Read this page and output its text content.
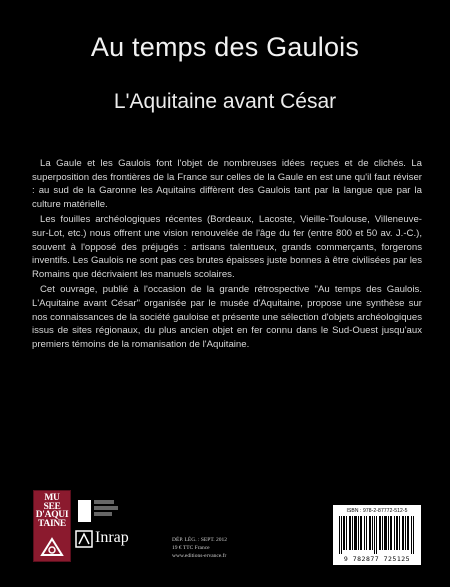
Au temps des Gaulois
L'Aquitaine avant César

La Gaule et les Gaulois font l'objet de nombreuses idées reçues et de clichés. La superposition des frontières de la France sur celles de la Gaule en est une qu'il faut réviser : au sud de la Garonne les Aquitains diffèrent des Gaulois tant par la langue que par la culture matérielle.

Les fouilles archéologiques récentes (Bordeaux, Lacoste, Vieille-Toulouse, Villeneuve-sur-Lot, etc.) nous offrent une vision renouvelée de l'âge du fer (entre 800 et 50 av. J.-C.), souvent à l'opposé des préjugés : artisans talentueux, grands commerçants, forgerons inventifs. Les Gaulois ne sont pas ces brutes épaisses juste bonnes à être civilisées par les Romains que décrivaient les manuels scolaires.

Cet ouvrage, publié à l'occasion de la grande rétrospective "Au temps des Gaulois. L'Aquitaine avant César" organisée par le musée d'Aquitaine, propose une synthèse sur nos connaissances de la société gauloise et présente une sélection d'objets archéologiques issus de sites régionaux, du plus ancien objet en fer connu dans le Sud-Ouest jusqu'aux premiers témoins de la romanisation de l'Aquitaine.

MU
SEE
D'AQUI
TAINE
Inrap	DÉP. LÉG. : SEPT. 2012
19 € TTC France
www.editions-ervance.fr
ISBN : 978-2-87772-512-5
9 782877 725125
